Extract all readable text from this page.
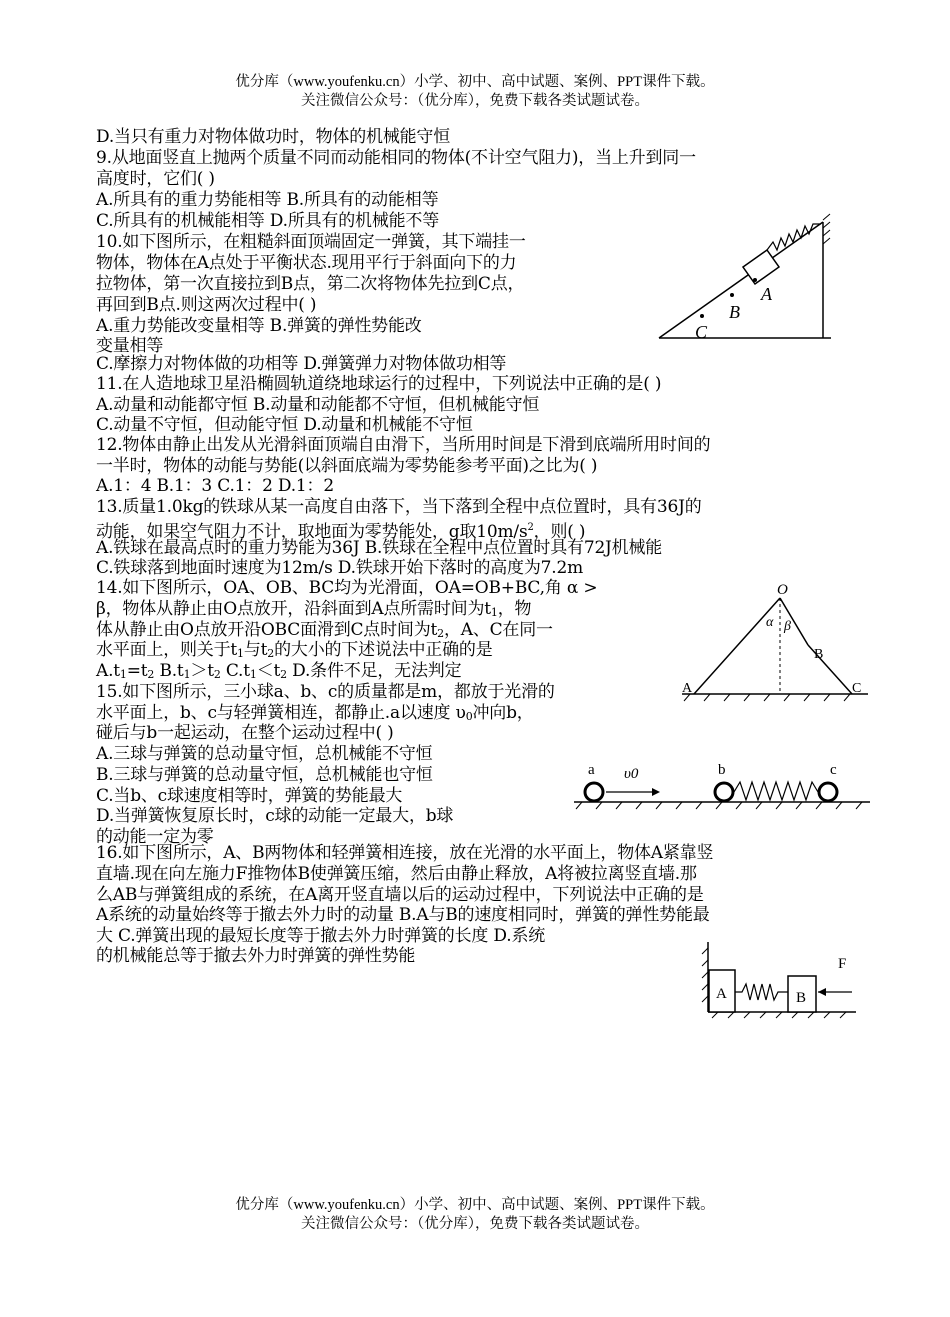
优分库（www.youfenku.cn）小学、初中、高中试题、案例、PPT课件下载。
关注微信公众号：（优分库），免费下载各类试题试卷。
D.当只有重力对物体做功时，物体的机械能守恒
9.从地面竖直上抛两个质量不同而动能相同的物体(不计空气阻力)，当上升到同一
高度时，它们( )
A.所具有的重力势能相等 B.所具有的动能相等
C.所具有的机械能相等 D.所具有的机械能不等
10.如下图所示，在粗糙斜面顶端固定一弹簧，其下端挂一
物体，物体在A点处于平衡状态.现用平行于斜面向下的力
拉物体，第一次直接拉到B点，第二次将物体先拉到C点，
再回到B点.则这两次过程中( )
A.重力势能改变量相等 B.弹簧的弹性势能改
变量相等
C.摩擦力对物体做的功相等 D.弹簧弹力对物体做功相等
11.在人造地球卫星沿椭圆轨道绕地球运行的过程中，下列说法中正确的是( )
A.动量和动能都守恒 B.动量和动能都不守恒，但机械能守恒
C.动量不守恒，但动能守恒 D.动量和机械能不守恒
12.物体由静止出发从光滑斜面顶端自由滑下，当所用时间是下滑到底端所用时间的
一半时，物体的动能与势能(以斜面底端为零势能参考平面)之比为( )
A.1：4 B.1：3 C.1：2 D.1：2
13.质量1.0kg的铁球从某一高度自由落下，当下落到全程中点位置时，具有36J的
动能，如果空气阻力不计，取地面为零势能处，g取$10m/s^2$，则( )
A.铁球在最高点时的重力势能为36J B.铁球在全程中点位置时具有72J机械能
C.铁球落到地面时速度为12m/s D.铁球开始下落时的高度为7.2m
14.如下图所示，OA、OB、BC均为光滑面，OA=OB+BC,角 α >
β，物体从静止由O点放开，沿斜面到A点所需时间为t1，物
体从静止由O点放开沿OBC面滑到C点时间为t2，A、C在同一
水平面上，则关于t1与t2的大小的下述说法中正确的是
A.t1=t2 B.t1＞t2 C.t1＜t2 D.条件不足，无法判定
15.如下图所示，三小球a、b、c的质量都是m，都放于光滑的
水平面上，b、c与轻弹簧相连，都静止.a以速度 υ0冲向b，
碰后与b一起运动，在整个运动过程中( )
A.三球与弹簧的总动量守恒，总机械能不守恒
B.三球与弹簧的总动量守恒，总机械能也守恒
C.当b、c球速度相等时，弹簧的势能最大
D.当弹簧恢复原长时，c球的动能一定最大，b球
的动能一定为零
16.如下图所示，A、B两物体和轻弹簧相连接，放在光滑的水平面上，物体A紧靠竖
直墙.现在向左施力F推物体B使弹簧压缩，然后由静止释放，A将被拉离竖直墙.那
么AB与弹簧组成的系统，在A离开竖直墙以后的运动过程中，下列说法中正确的是
A系统的动量始终等于撤去外力时的动量 B.A与B的速度相同时，弹簧的弹性势能最
大 C.弹簧出现的最短长度等于撤去外力时弹簧的长度 D.系统
的机械能总等于撤去外力时弹簧的弹性势能
A
B
C
O
α β
B
A	C
a υ0	b	c
A	B
F
优分库（www.youfenku.cn）小学、初中、高中试题、案例、PPT课件下载。
关注微信公众号：（优分库），免费下载各类试题试卷。
